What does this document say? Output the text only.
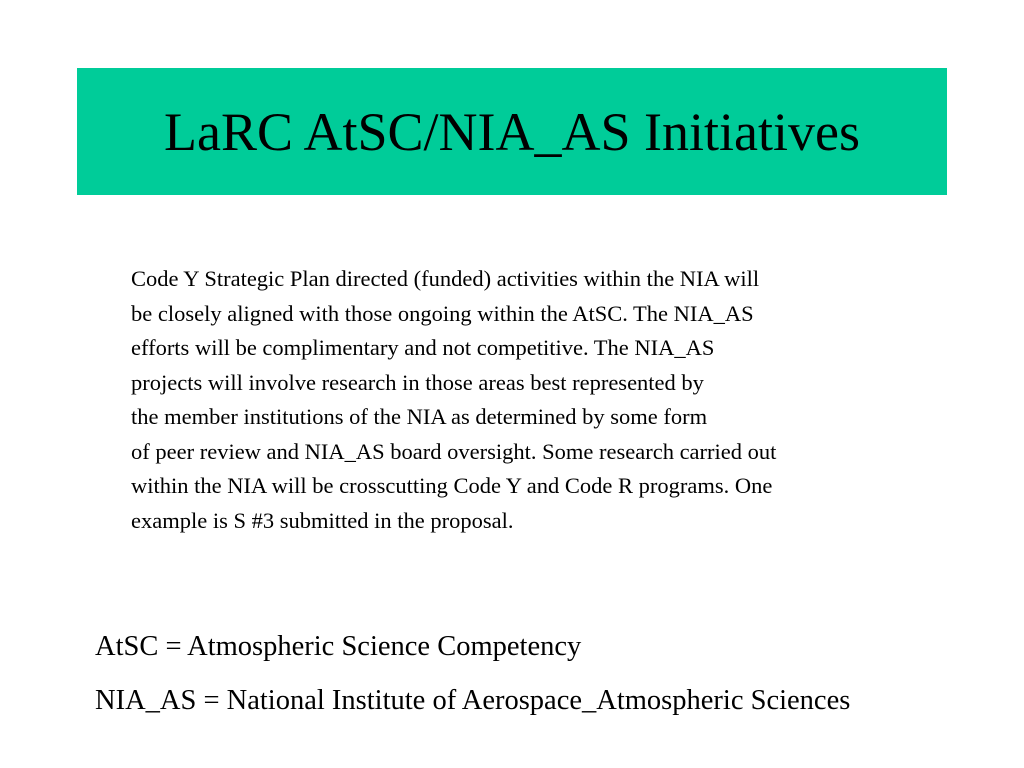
LaRC AtSC/NIA_AS Initiatives
Code Y Strategic Plan directed (funded) activities within the NIA will
be closely aligned with those ongoing within the AtSC. The NIA_AS
efforts will be complimentary and not competitive. The NIA_AS
projects will involve research in those areas best represented by
the member institutions of the NIA as determined by some form
of peer review and NIA_AS board oversight. Some research carried out
within the NIA will be crosscutting Code Y and Code R programs. One
example is S #3 submitted in the proposal.
AtSC = Atmospheric Science Competency
NIA_AS = National Institute of Aerospace_Atmospheric Sciences
